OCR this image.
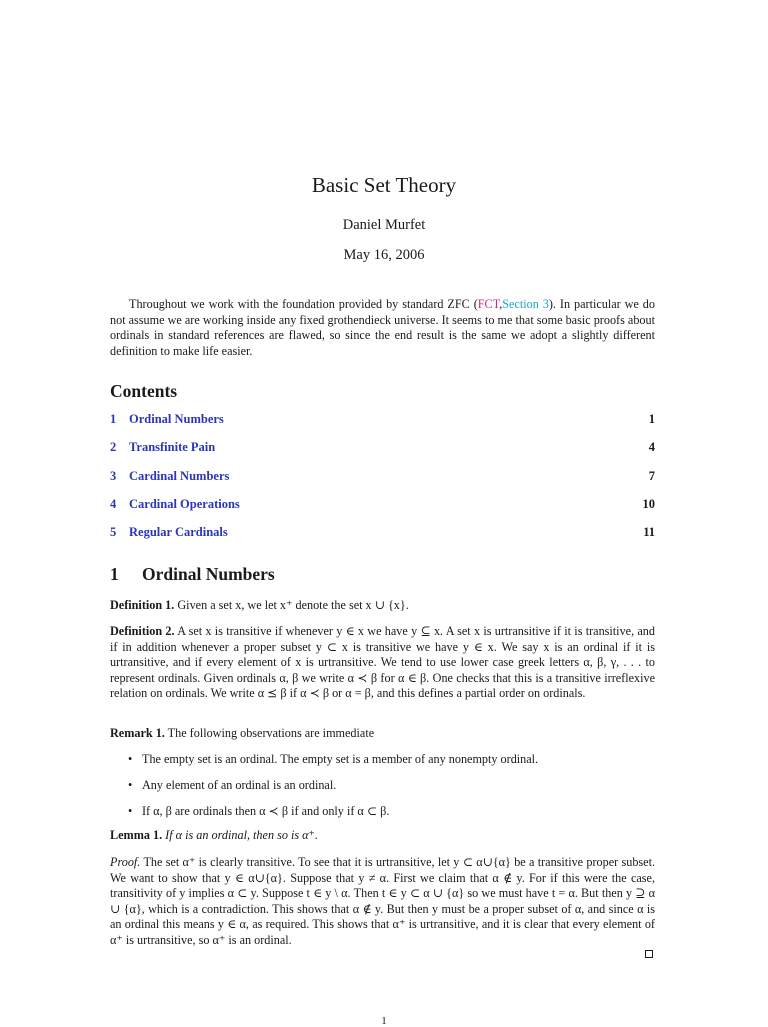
Basic Set Theory
Daniel Murfet
May 16, 2006
Throughout we work with the foundation provided by standard ZFC (FCT,Section 3). In particular we do not assume we are working inside any fixed grothendieck universe. It seems to me that some basic proofs about ordinals in standard references are flawed, so since the end result is the same we adopt a slightly different definition to make life easier.
Contents
1	Ordinal Numbers	1
2	Transfinite Pain	4
3	Cardinal Numbers	7
4	Cardinal Operations	10
5	Regular Cardinals	11
1 Ordinal Numbers
Definition 1. Given a set x, we let x⁺ denote the set x ∪ {x}.
Definition 2. A set x is transitive if whenever y ∈ x we have y ⊆ x. A set x is urtransitive if it is transitive, and if in addition whenever a proper subset y ⊂ x is transitive we have y ∈ x. We say x is an ordinal if it is urtransitive, and if every element of x is urtransitive. We tend to use lower case greek letters α, β, γ, . . . to represent ordinals. Given ordinals α, β we write α ≺ β for α ∈ β. One checks that this is a transitive irreflexive relation on ordinals. We write α ⪯ β if α ≺ β or α = β, and this defines a partial order on ordinals.
Remark 1. The following observations are immediate
• The empty set is an ordinal. The empty set is a member of any nonempty ordinal.
• Any element of an ordinal is an ordinal.
• If α, β are ordinals then α ≺ β if and only if α ⊂ β.
Lemma 1. If α is an ordinal, then so is α⁺.
Proof. The set α⁺ is clearly transitive. To see that it is urtransitive, let y ⊂ α∪{α} be a transitive proper subset. We want to show that y ∈ α∪{α}. Suppose that y ≠ α. First we claim that α ∉ y. For if this were the case, transitivity of y implies α ⊂ y. Suppose t ∈ y \ α. Then t ∈ y ⊂ α ∪ {α} so we must have t = α. But then y ⊇ α ∪ {α}, which is a contradiction. This shows that α ∉ y. But then y must be a proper subset of α, and since α is an ordinal this means y ∈ α, as required. This shows that α⁺ is urtransitive, and it is clear that every element of α⁺ is urtransitive, so α⁺ is an ordinal.
1
